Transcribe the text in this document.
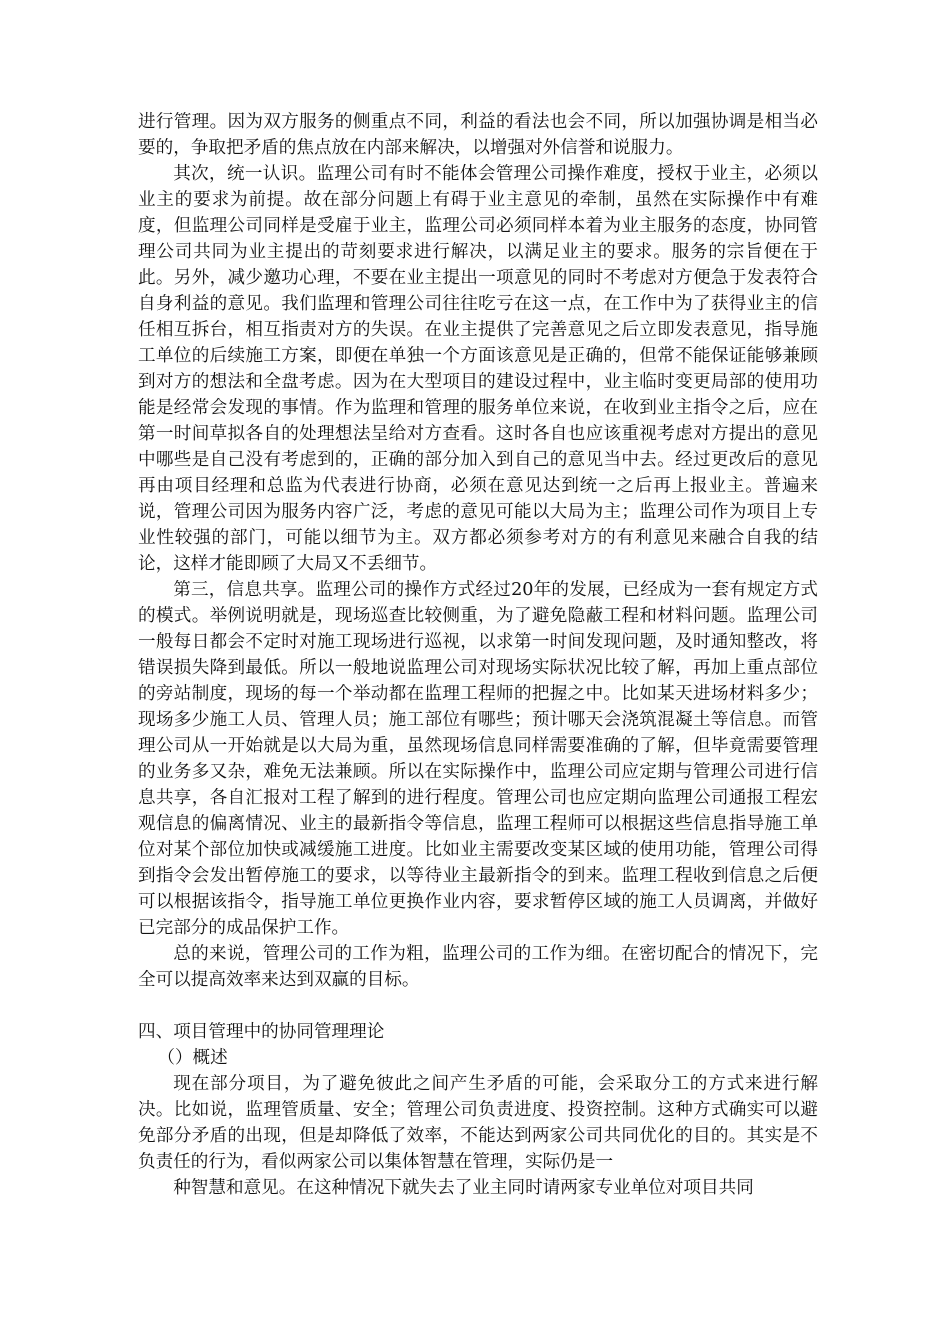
进行管理。因为双方服务的侧重点不同，利益的看法也会不同，所以加强协调是相当必要的，争取把矛盾的焦点放在内部来解决，以增强对外信誉和说服力。

其次，统一认识。监理公司有时不能体会管理公司操作难度，授权于业主，必须以业主的要求为前提。故在部分问题上有碍于业主意见的牵制，虽然在实际操作中有难度，但监理公司同样是受雇于业主，监理公司必须同样本着为业主服务的态度，协同管理公司共同为业主提出的苛刻要求进行解决，以满足业主的要求。服务的宗旨便在于此。另外，减少邀功心理，不要在业主提出一项意见的同时不考虑对方便急于发表符合自身利益的意见。我们监理和管理公司往往吃亏在这一点，在工作中为了获得业主的信任相互拆台，相互指责对方的失误。在业主提供了完善意见之后立即发表意见，指导施工单位的后续施工方案，即便在单独一个方面该意见是正确的，但常不能保证能够兼顾到对方的想法和全盘考虑。因为在大型项目的建设过程中，业主临时变更局部的使用功能是经常会发现的事情。作为监理和管理的服务单位来说，在收到业主指令之后，应在第一时间草拟各自的处理想法呈给对方查看。这时各自也应该重视考虑对方提出的意见中哪些是自己没有考虑到的，正确的部分加入到自己的意见当中去。经过更改后的意见再由项目经理和总监为代表进行协商，必须在意见达到统一之后再上报业主。普遍来说，管理公司因为服务内容广泛，考虑的意见可能以大局为主；监理公司作为项目上专业性较强的部门，可能以细节为主。双方都必须参考对方的有利意见来融合自我的结论，这样才能即顾了大局又不丢细节。

第三，信息共享。监理公司的操作方式经过20年的发展，已经成为一套有规定方式的模式。举例说明就是，现场巡查比较侧重，为了避免隐蔽工程和材料问题。监理公司一般每日都会不定时对施工现场进行巡视，以求第一时间发现问题，及时通知整改，将错误损失降到最低。所以一般地说监理公司对现场实际状况比较了解，再加上重点部位的旁站制度，现场的每一个举动都在监理工程师的把握之中。比如某天进场材料多少；现场多少施工人员、管理人员；施工部位有哪些；预计哪天会浇筑混凝土等信息。而管理公司从一开始就是以大局为重，虽然现场信息同样需要准确的了解，但毕竟需要管理的业务多又杂，难免无法兼顾。所以在实际操作中，监理公司应定期与管理公司进行信息共享，各自汇报对工程了解到的进行程度。管理公司也应定期向监理公司通报工程宏观信息的偏离情况、业主的最新指令等信息，监理工程师可以根据这些信息指导施工单位对某个部位加快或减缓施工进度。比如业主需要改变某区域的使用功能，管理公司得到指令会发出暂停施工的要求，以等待业主最新指令的到来。监理工程收到信息之后便可以根据该指令，指导施工单位更换作业内容，要求暂停区域的施工人员调离，并做好已完部分的成品保护工作。

总的来说，管理公司的工作为粗，监理公司的工作为细。在密切配合的情况下，完全可以提高效率来达到双赢的目标。

四、项目管理中的协同管理理论

（）概述

现在部分项目，为了避免彼此之间产生矛盾的可能，会采取分工的方式来进行解决。比如说，监理管质量、安全；管理公司负责进度、投资控制。这种方式确实可以避免部分矛盾的出现，但是却降低了效率，不能达到两家公司共同优化的目的。其实是不负责任的行为，看似两家公司以集体智慧在管理，实际仍是一

种智慧和意见。在这种情况下就失去了业主同时请两家专业单位对项目共同
